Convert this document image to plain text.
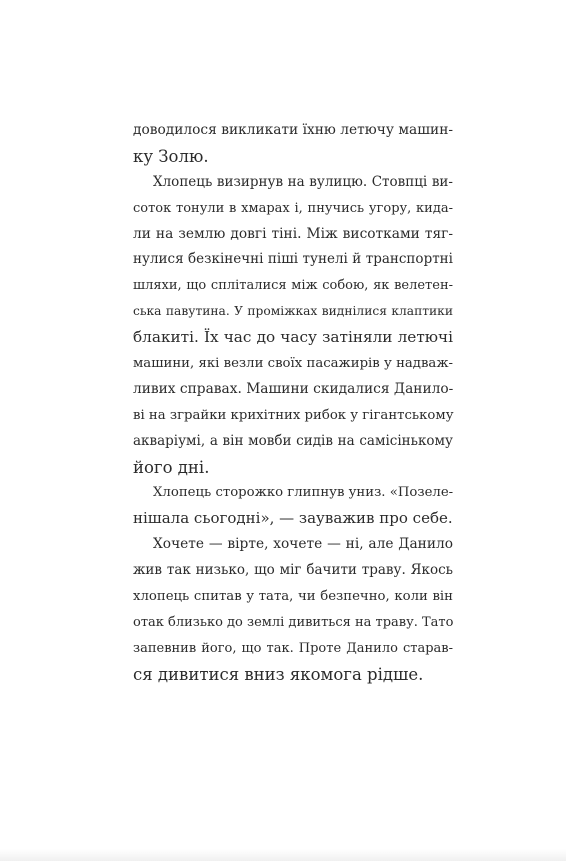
доводилося викликати їхню летючу машин-
ку Золю.
Хлопець визирнув на вулицю. Стовпці ви-
соток тонули в хмарах і, пнучись угору, кида-
ли на землю довгі тіні. Між висотками тяг-
нулися безкінечні піші тунелі й транспортні
шляхи, що сплiталися між собою, як велетен-
ська павутина. У проміжках виднілися клаптики
блакиті. Їх час до часу затіняли летючі
машини, які везли своїх пасажирів у надваж-
ливих справах. Машини скидалися Данило-
ві на зграйки крихітних рибок у гігантському
акваріумі, а він мовби сидів на самісінькому
його дні.
Хлопець сторожко глипнув униз. «Позеле-
нішала сьогодні», — зауважив про себе.
Хочете — вірте, хочете — ні, але Данило
жив так низько, що міг бачити траву. Якось
хлопець спитав у тата, чи безпечно, коли він
отак близько до землі дивиться на траву. Тато
запевнив його, що так. Проте Данило старав-
ся дивитися вниз якомога рідше.
